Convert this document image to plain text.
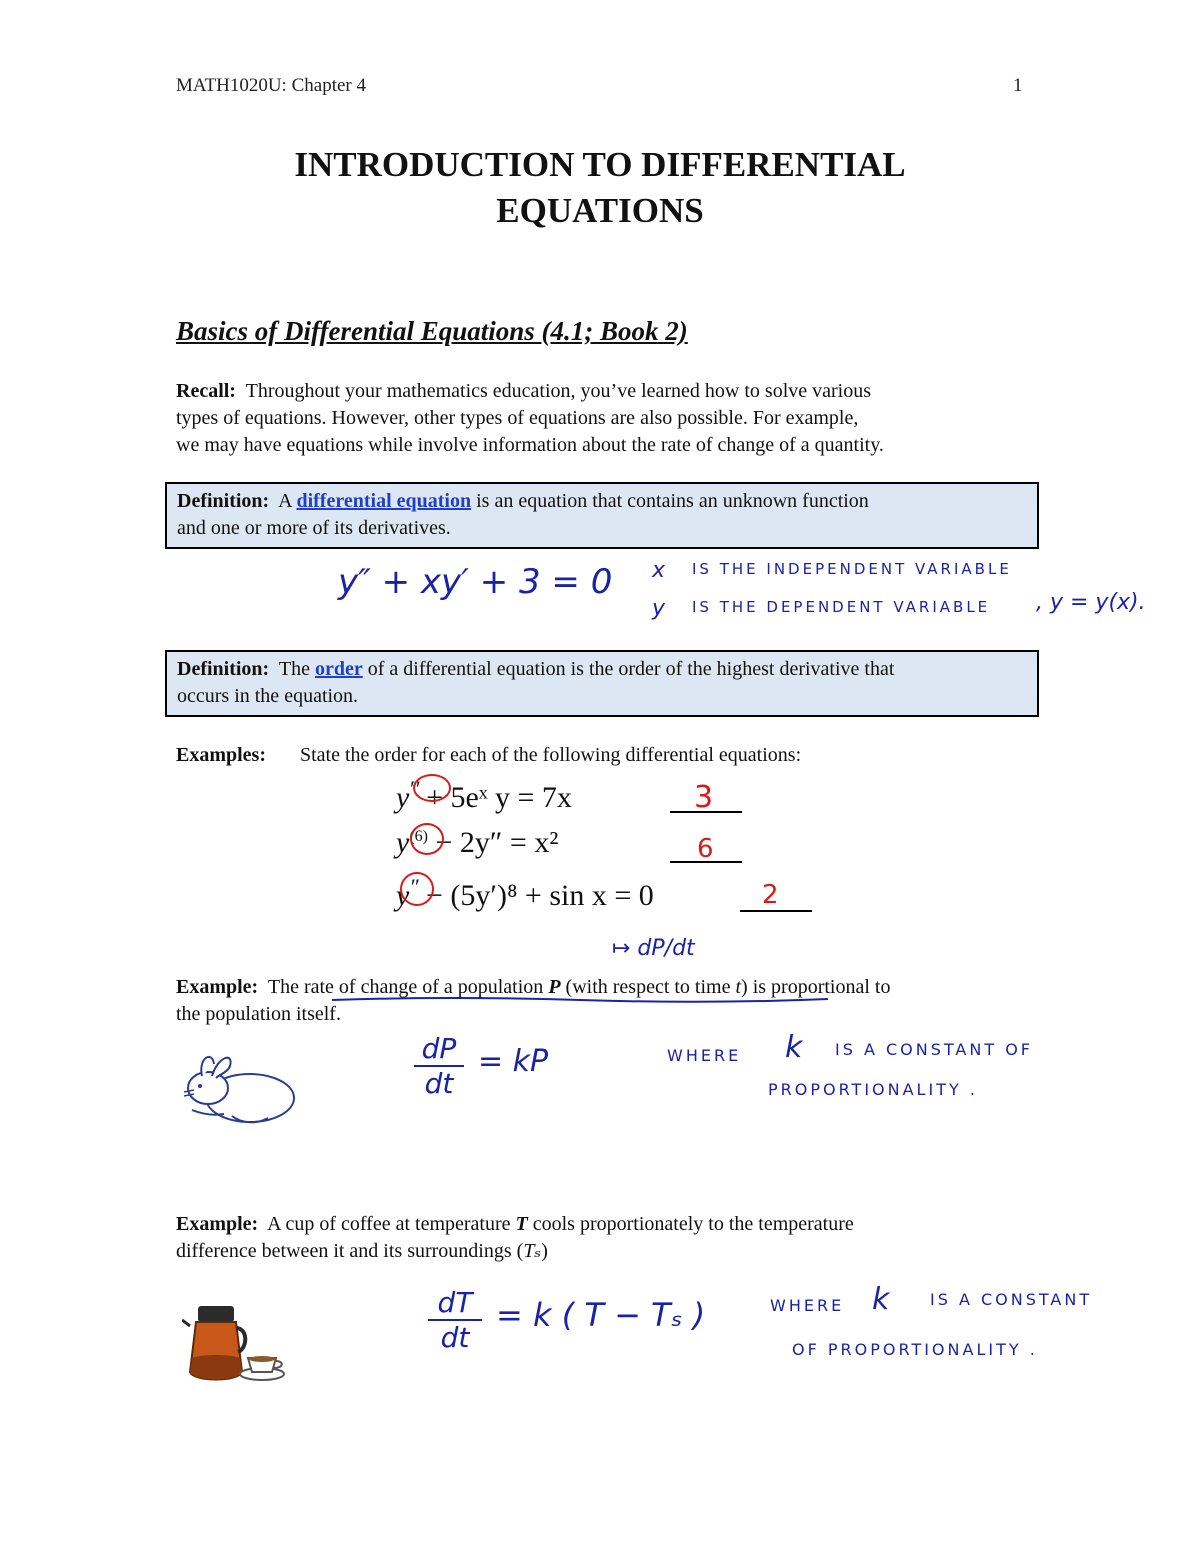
MATH1020U: Chapter 4	1
INTRODUCTION TO DIFFERENTIAL
EQUATIONS
Basics of Differential Equations (4.1; Book 2)
Recall: Throughout your mathematics education, you’ve learned how to solve various
types of equations. However, other types of equations are also possible. For example,
we may have equations while involve information about the rate of change of a quantity.
Definition: A differential equation is an equation that contains an unknown function
and one or more of its derivatives.
y″ + xy′ + 3 = 0 x IS THE INDEPENDENT VARIABLE
y IS THE DEPENDENT VARIABLE , y = y(x).
Definition: The order of a differential equation is the order of the highest derivative that
occurs in the equation.
Examples: State the order for each of the following differential equations:
y‴ + 5eˣ y = 7x	3
$y^{(6)} - 2y'' = x^2$	6
y″ − (5y′)⁸ + sin x = 0	2
↦ dP/dt
Example: The rate of change of a population P (with respect to time t) is proportional to
the population itself.
$\frac{dP}{dt}$ = kP	WHERE k IS A CONSTANT OF
PROPORTIONALITY .
Example: A cup of coffee at temperature T cools proportionately to the temperature
difference between it and its surroundings (Tₛ)
$\frac{dT}{dt} = k$ ( T − Tₛ )	WHERE k	IS A CONSTANT
OF PROPORTIONALITY .
